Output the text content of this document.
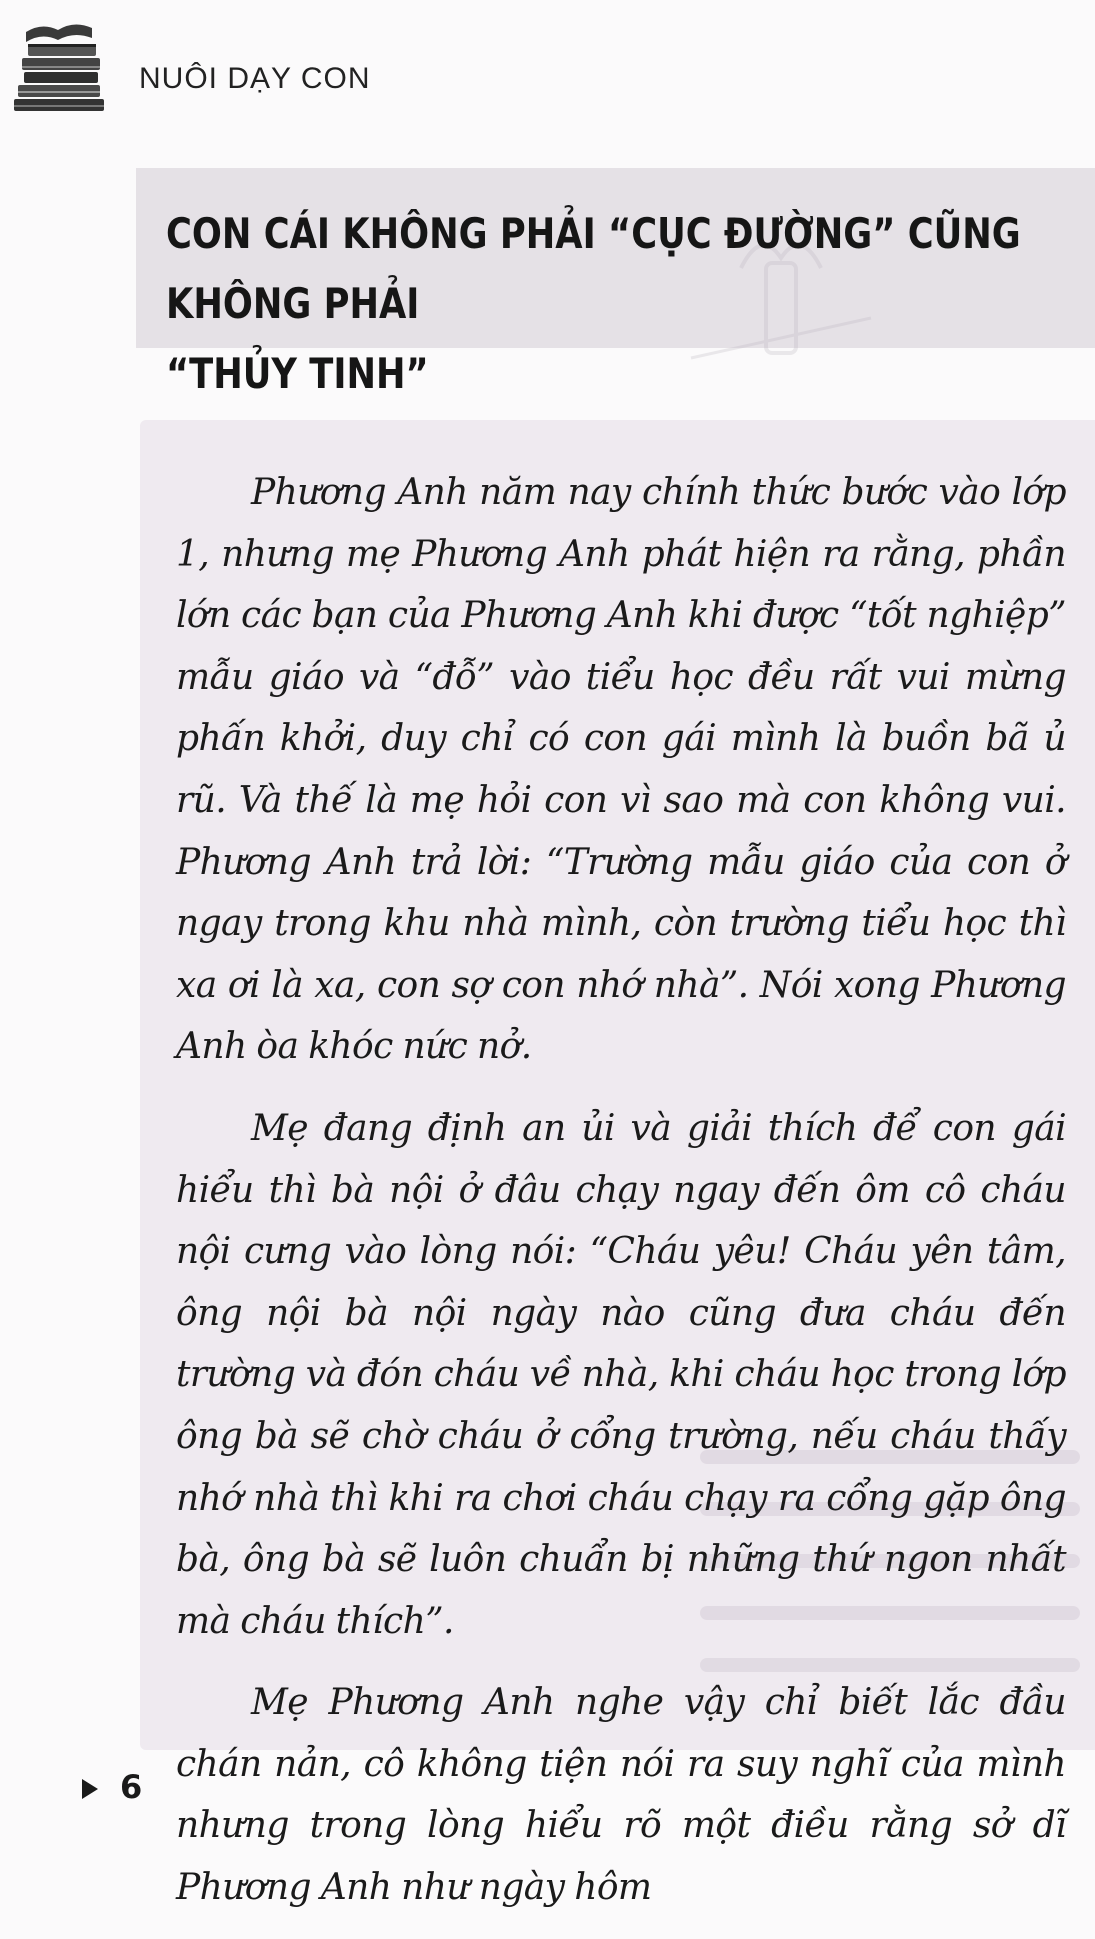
NUÔI DẠY CON
CON CÁI KHÔNG PHẢI “CỤC ĐƯỜNG” CŨNG KHÔNG PHẢI
“THỦY TINH”

Phương Anh năm nay chính thức bước vào lớp 1, nhưng mẹ Phương Anh phát hiện ra rằng, phần lớn các bạn của Phương Anh khi được “tốt nghiệp” mẫu giáo và “đỗ” vào tiểu học đều rất vui mừng phấn khởi, duy chỉ có con gái mình là buồn bã ủ rũ. Và thế là mẹ hỏi con vì sao mà con không vui. Phương Anh trả lời: “Trường mẫu giáo của con ở ngay trong khu nhà mình, còn trường tiểu học thì xa ơi là xa, con sợ con nhớ nhà”. Nói xong Phương Anh òa khóc nức nở.

Mẹ đang định an ủi và giải thích để con gái hiểu thì bà nội ở đâu chạy ngay đến ôm cô cháu nội cưng vào lòng nói: “Cháu yêu! Cháu yên tâm, ông nội bà nội ngày nào cũng đưa cháu đến trường và đón cháu về nhà, khi cháu học trong lớp ông bà sẽ chờ cháu ở cổng trường, nếu cháu thấy nhớ nhà thì khi ra chơi cháu chạy ra cổng gặp ông bà, ông bà sẽ luôn chuẩn bị những thứ ngon nhất mà cháu thích”.

Mẹ Phương Anh nghe vậy chỉ biết lắc đầu chán nản, cô không tiện nói ra suy nghĩ của mình nhưng trong lòng hiểu rõ một điều rằng sở dĩ Phương Anh như ngày hôm

6
